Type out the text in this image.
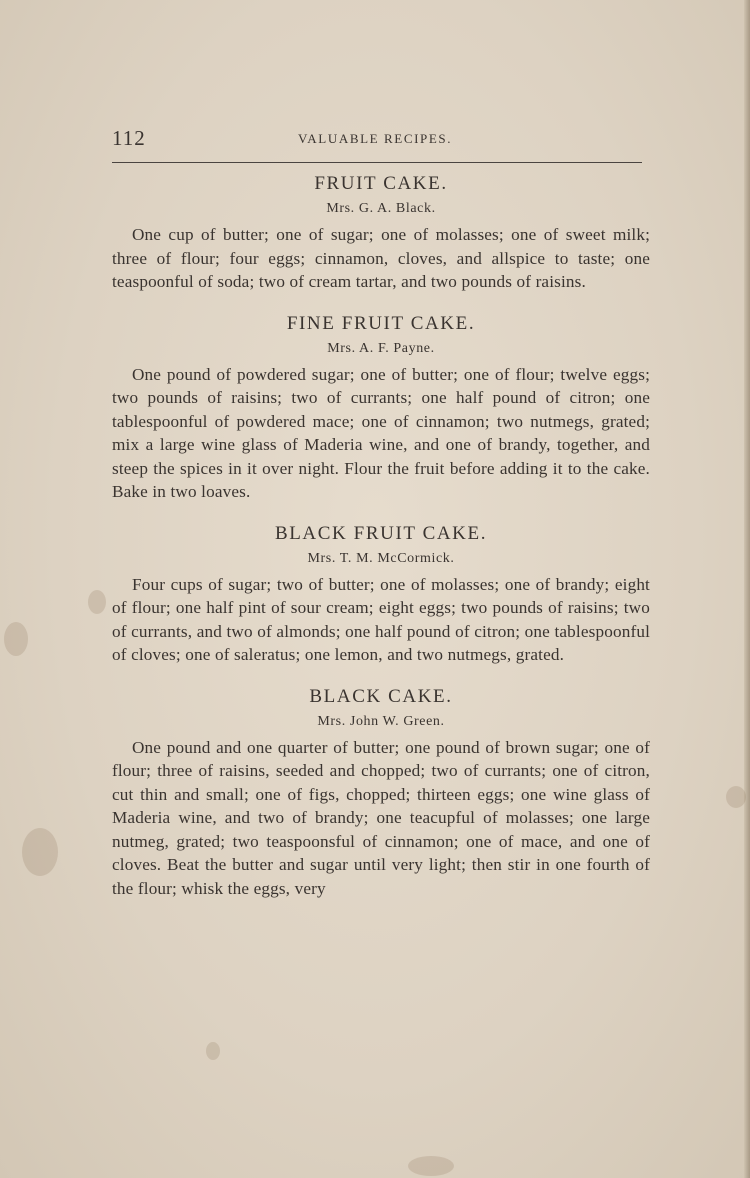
112	VALUABLE RECIPES.
FRUIT CAKE.
Mrs. G. A. Black.

One cup of butter; one of sugar; one of molasses; one of sweet milk; three of flour; four eggs; cinnamon, cloves, and allspice to taste; one teaspoonful of soda; two of cream tartar, and two pounds of raisins.

FINE FRUIT CAKE.
Mrs. A. F. Payne.

One pound of powdered sugar; one of butter; one of flour; twelve eggs; two pounds of raisins; two of currants; one half pound of citron; one tablespoonful of powdered mace; one of cinnamon; two nutmegs, grated; mix a large wine glass of Maderia wine, and one of brandy, together, and steep the spices in it over night. Flour the fruit before adding it to the cake. Bake in two loaves.

BLACK FRUIT CAKE.
Mrs. T. M. McCormick.

Four cups of sugar; two of butter; one of molasses; one of brandy; eight of flour; one half pint of sour cream; eight eggs; two pounds of raisins; two of currants, and two of almonds; one half pound of citron; one tablespoonful of cloves; one of saleratus; one lemon, and two nutmegs, grated.

BLACK CAKE.
Mrs. John W. Green.

One pound and one quarter of butter; one pound of brown sugar; one of flour; three of raisins, seeded and chopped; two of currants; one of citron, cut thin and small; one of figs, chopped; thirteen eggs; one wine glass of Maderia wine, and two of brandy; one teacupful of molasses; one large nutmeg, grated; two teaspoonsful of cinnamon; one of mace, and one of cloves. Beat the butter and sugar until very light; then stir in one fourth of the flour; whisk the eggs, very
